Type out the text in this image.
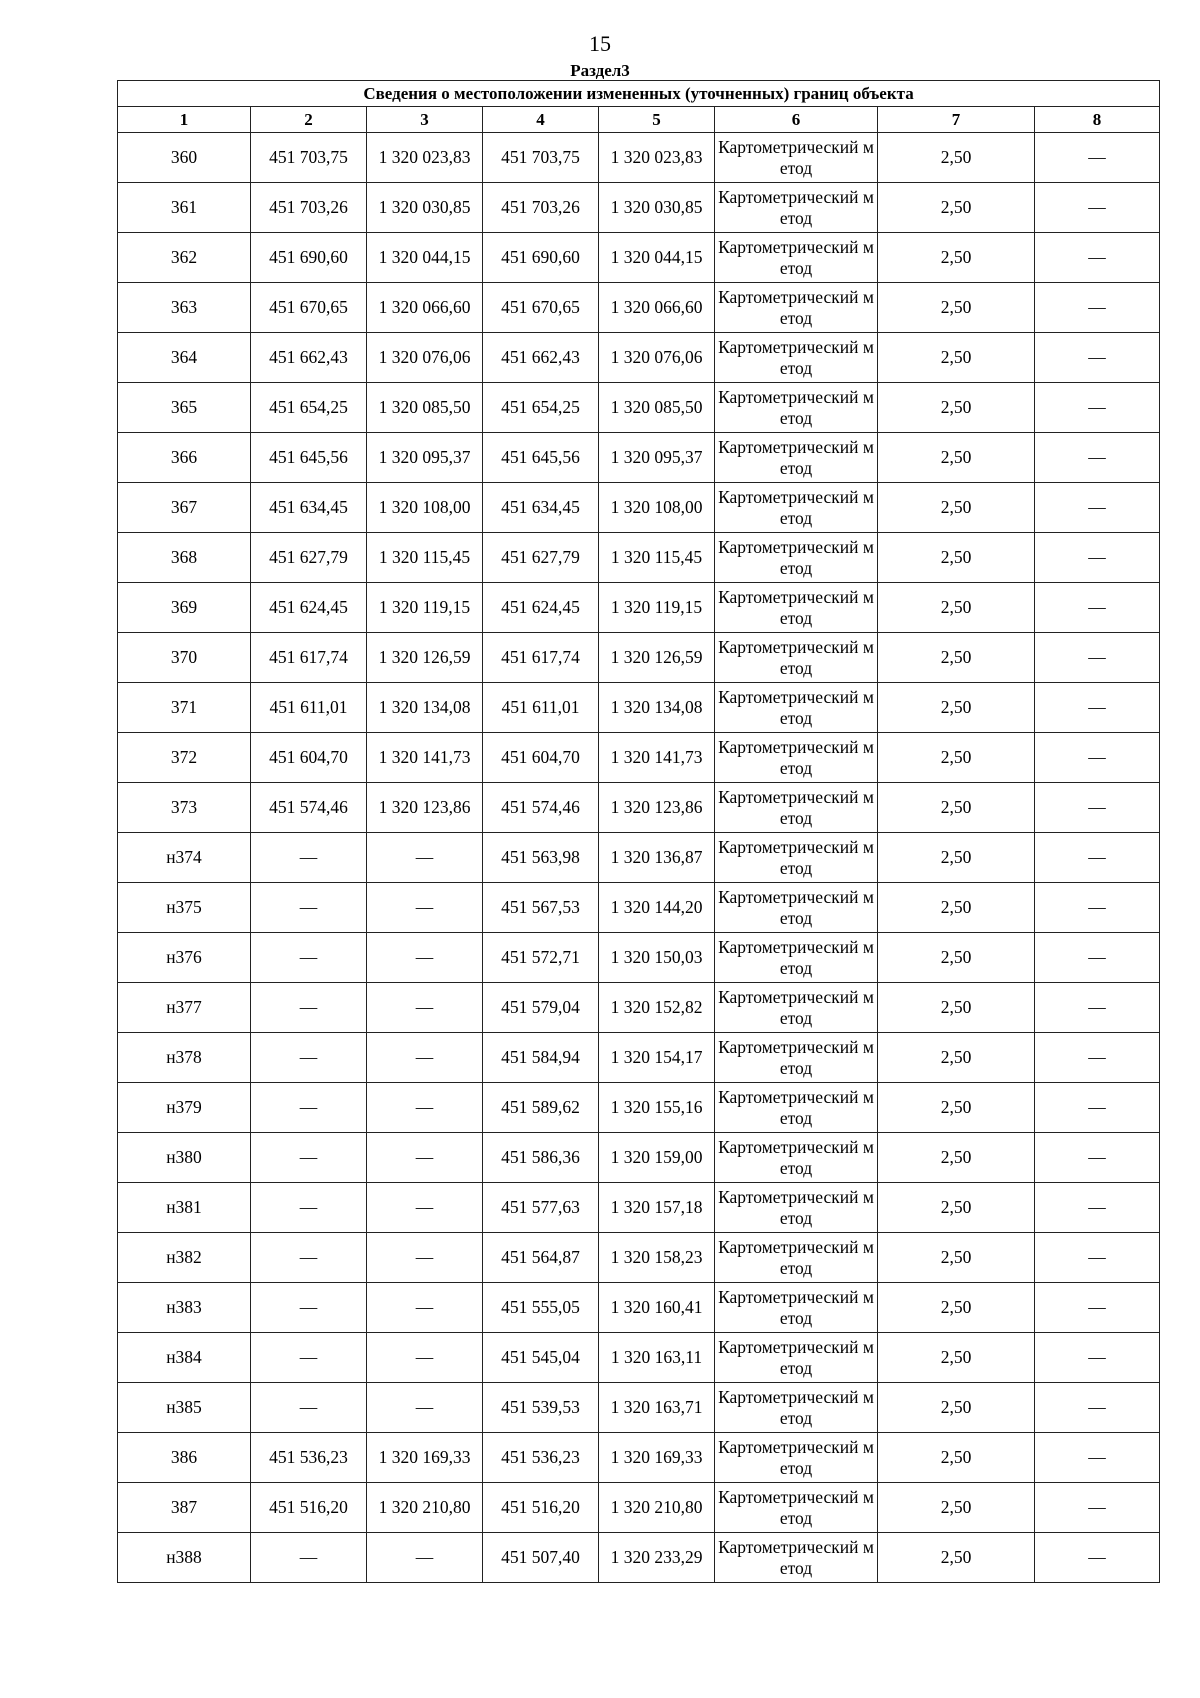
15
Раздел3
Сведения о местоположении измененных (уточненных) границ объекта							
1	2	3	4	5	6	7	8
360	451 703,75	1 320 023,83	451 703,75	1 320 023,83	Картометрический метод	2,50	—
361	451 703,26	1 320 030,85	451 703,26	1 320 030,85	Картометрический метод	2,50	—
362	451 690,60	1 320 044,15	451 690,60	1 320 044,15	Картометрический метод	2,50	—
363	451 670,65	1 320 066,60	451 670,65	1 320 066,60	Картометрический метод	2,50	—
364	451 662,43	1 320 076,06	451 662,43	1 320 076,06	Картометрический метод	2,50	—
365	451 654,25	1 320 085,50	451 654,25	1 320 085,50	Картометрический метод	2,50	—
366	451 645,56	1 320 095,37	451 645,56	1 320 095,37	Картометрический метод	2,50	—
367	451 634,45	1 320 108,00	451 634,45	1 320 108,00	Картометрический метод	2,50	—
368	451 627,79	1 320 115,45	451 627,79	1 320 115,45	Картометрический метод	2,50	—
369	451 624,45	1 320 119,15	451 624,45	1 320 119,15	Картометрический метод	2,50	—
370	451 617,74	1 320 126,59	451 617,74	1 320 126,59	Картометрический метод	2,50	—
371	451 611,01	1 320 134,08	451 611,01	1 320 134,08	Картометрический метод	2,50	—
372	451 604,70	1 320 141,73	451 604,70	1 320 141,73	Картометрический метод	2,50	—
373	451 574,46	1 320 123,86	451 574,46	1 320 123,86	Картометрический метод	2,50	—
н374	—	—	451 563,98	1 320 136,87	Картометрический метод	2,50	—
н375	—	—	451 567,53	1 320 144,20	Картометрический метод	2,50	—
н376	—	—	451 572,71	1 320 150,03	Картометрический метод	2,50	—
н377	—	—	451 579,04	1 320 152,82	Картометрический метод	2,50	—
н378	—	—	451 584,94	1 320 154,17	Картометрический метод	2,50	—
н379	—	—	451 589,62	1 320 155,16	Картометрический метод	2,50	—
н380	—	—	451 586,36	1 320 159,00	Картометрический метод	2,50	—
н381	—	—	451 577,63	1 320 157,18	Картометрический метод	2,50	—
н382	—	—	451 564,87	1 320 158,23	Картометрический метод	2,50	—
н383	—	—	451 555,05	1 320 160,41	Картометрический метод	2,50	—
н384	—	—	451 545,04	1 320 163,11	Картометрический метод	2,50	—
н385	—	—	451 539,53	1 320 163,71	Картометрический метод	2,50	—
386	451 536,23	1 320 169,33	451 536,23	1 320 169,33	Картометрический метод	2,50	—
387	451 516,20	1 320 210,80	451 516,20	1 320 210,80	Картометрический метод	2,50	—
н388	—	—	451 507,40	1 320 233,29	Картометрический метод	2,50	—
